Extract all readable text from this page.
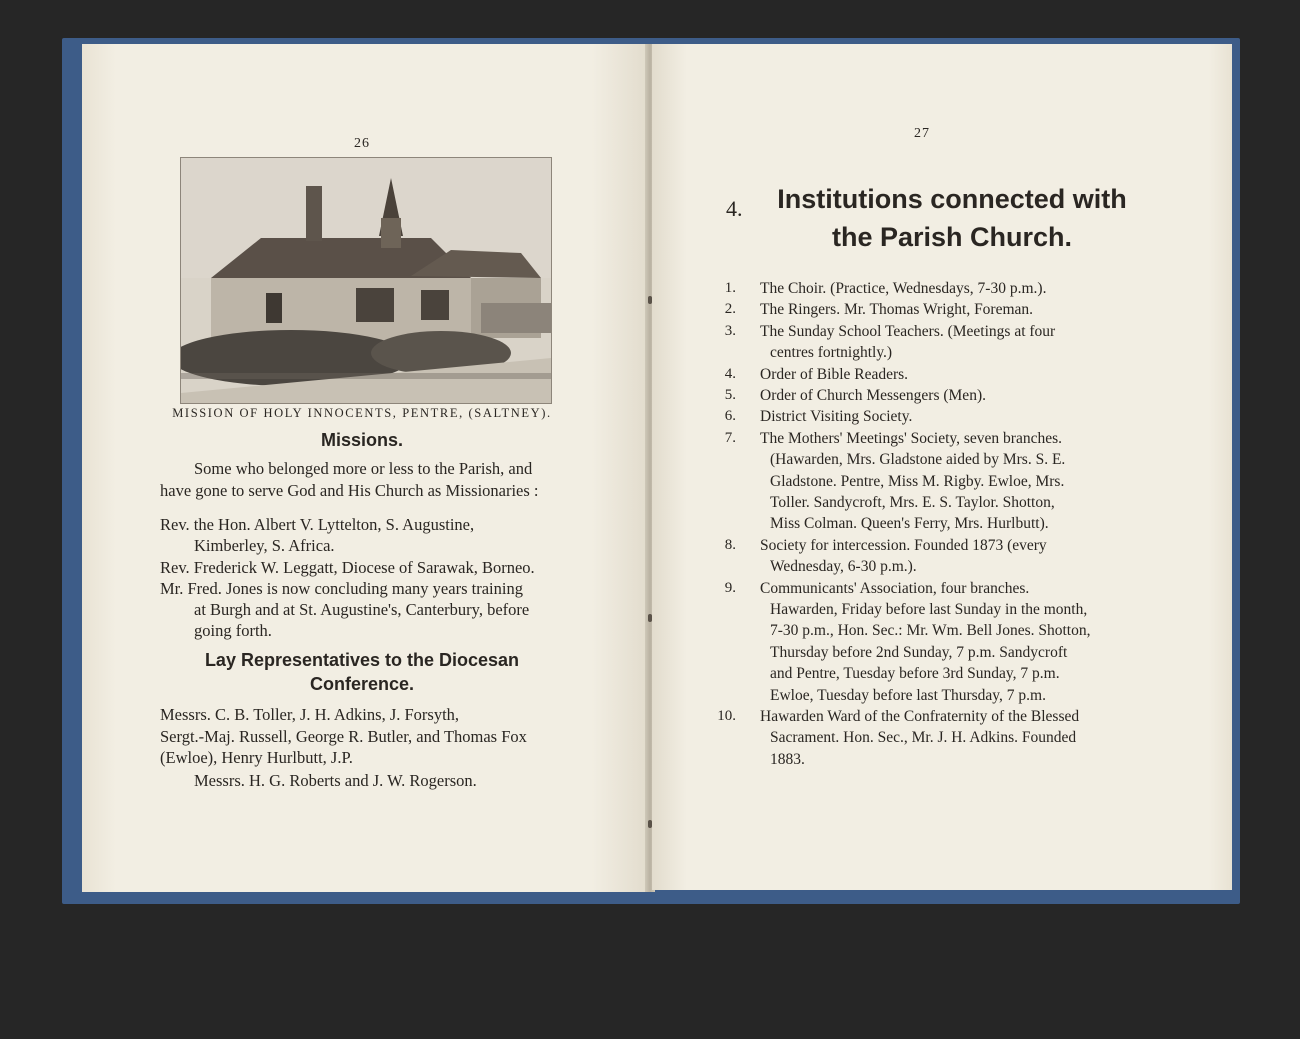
26
MISSION OF HOLY INNOCENTS, PENTRE, (SALTNEY).
Missions.
Some who belonged more or less to the Parish, and
have gone to serve God and His Church as Missionaries :
Rev. the Hon. Albert V. Lyttelton, S. Augustine,
Kimberley, S. Africa.
Rev. Frederick W. Leggatt, Diocese of Sarawak, Borneo.
Mr. Fred. Jones is now concluding many years training
at Burgh and at St. Augustine's, Canterbury, before
going forth.
Lay Representatives to the Diocesan
Conference.
Messrs. C. B. Toller, J. H. Adkins, J. Forsyth,
Sergt.-Maj. Russell, George R. Butler, and Thomas Fox
(Ewloe), Henry Hurlbutt, J.P.
Messrs. H. G. Roberts and J. W. Rogerson.
27
4.	Institutions connected with
the Parish Church.
1. The Choir. (Practice, Wednesdays, 7-30 p.m.).
2. The Ringers. Mr. Thomas Wright, Foreman.
3. The Sunday School Teachers. (Meetings at four
centres fortnightly.)
4. Order of Bible Readers.
5. Order of Church Messengers (Men).
6. District Visiting Society.
7. The Mothers' Meetings' Society, seven branches.
(Hawarden, Mrs. Gladstone aided by Mrs. S. E.
Gladstone. Pentre, Miss M. Rigby. Ewloe, Mrs.
Toller. Sandycroft, Mrs. E. S. Taylor. Shotton,
Miss Colman. Queen's Ferry, Mrs. Hurlbutt).
8. Society for intercession. Founded 1873 (every
Wednesday, 6-30 p.m.).
9. Communicants' Association, four branches.
Hawarden, Friday before last Sunday in the month,
7-30 p.m., Hon. Sec.: Mr. Wm. Bell Jones. Shotton,
Thursday before 2nd Sunday, 7 p.m. Sandycroft
and Pentre, Tuesday before 3rd Sunday, 7 p.m.
Ewloe, Tuesday before last Thursday, 7 p.m.
10. Hawarden Ward of the Confraternity of the Blessed
Sacrament. Hon. Sec., Mr. J. H. Adkins. Founded
1883.
